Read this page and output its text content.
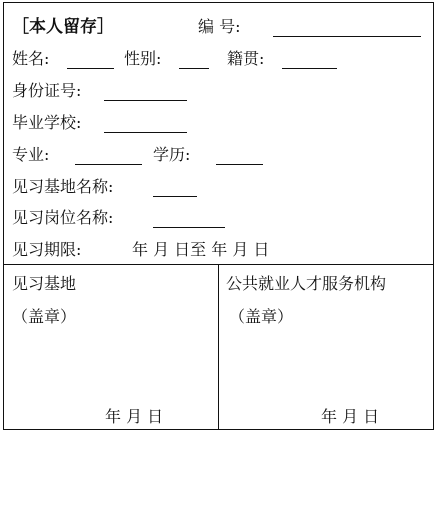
［本人留存］	编 号:
姓名:	性别:	籍贯:
身份证号:
毕业学校:
专业:	学历:
见习基地名称:
见习岗位名称:
见习期限:	年 月 日至 年 月 日
见习基地
（盖章）
年 月 日
公共就业人才服务机构
（盖章）
年 月 日
